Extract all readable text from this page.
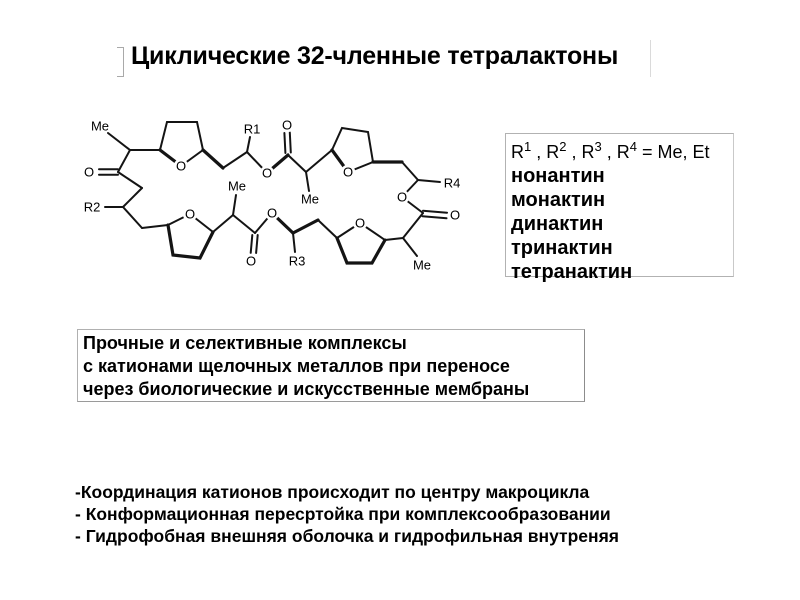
Циклические 32-членные тетралактоны
Me
O
R2
O
R1
O
O
Me
O
R4
O
O
Me
O
R3
O
O
Me
O
$R^1$ , $R^2$ , $R^3$ , $R^4 = Me$, Et
нонантин
монактин
динактин
тринактин
тетранактин
Прочные и селективные комплексы
с катионами щелочных металлов при переносе
через биологические и искусственные мембраны
-Координация катионов происходит по центру макроцикла
- Конформационная пересртойка при комплексообразовании
- Гидрофобная внешняя оболочка и гидрофильная внутреняя
